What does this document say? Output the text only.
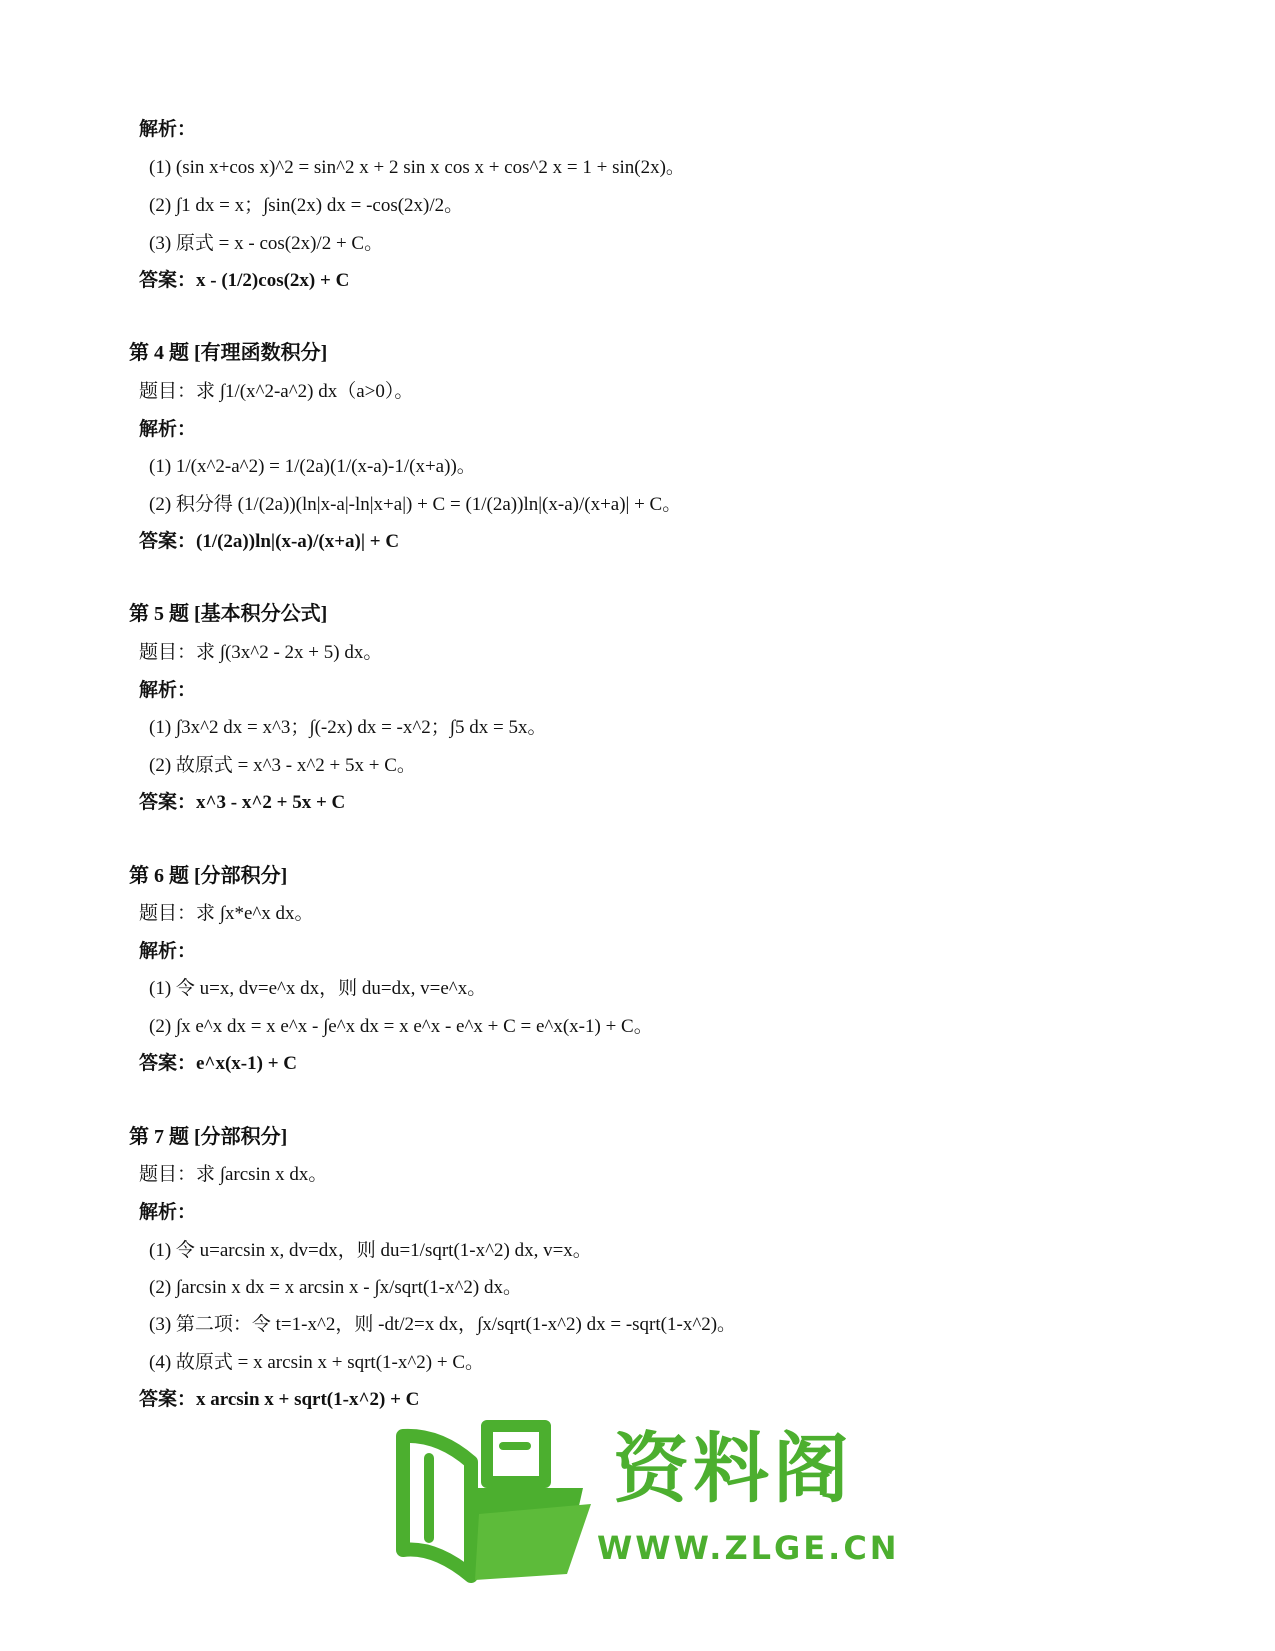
解析：
(1) (sin x+cos x)^2 = sin^2 x + 2 sin x cos x + cos^2 x = 1 + sin(2x)。
(2) ∫1 dx = x；∫sin(2x) dx = -cos(2x)/2。
(3) 原式 = x - cos(2x)/2 + C。
答案：x - (1/2)cos(2x) + C
第 4 题 [有理函数积分]
题目：求 ∫1/(x^2-a^2) dx（a>0）。
解析：
(1) 1/(x^2-a^2) = 1/(2a)(1/(x-a)-1/(x+a))。
(2) 积分得 (1/(2a))(ln|x-a|-ln|x+a|) + C = (1/(2a))ln|(x-a)/(x+a)| + C。
答案：(1/(2a))ln|(x-a)/(x+a)| + C
第 5 题 [基本积分公式]
题目：求 ∫(3x^2 - 2x + 5) dx。
解析：
(1) ∫3x^2 dx = x^3；∫(-2x) dx = -x^2；∫5 dx = 5x。
(2) 故原式 = x^3 - x^2 + 5x + C。
答案：x^3 - x^2 + 5x + C
第 6 题 [分部积分]
题目：求 ∫x*e^x dx。
解析：
(1) 令 u=x, dv=e^x dx，则 du=dx, v=e^x。
(2) ∫x e^x dx = x e^x - ∫e^x dx = x e^x - e^x + C = e^x(x-1) + C。
答案：e^x(x-1) + C
第 7 题 [分部积分]
题目：求 ∫arcsin x dx。
解析：
(1) 令 u=arcsin x, dv=dx，则 du=1/sqrt(1-x^2) dx, v=x。
(2) ∫arcsin x dx = x arcsin x - ∫x/sqrt(1-x^2) dx。
(3) 第二项：令 t=1-x^2，则 -dt/2=x dx，∫x/sqrt(1-x^2) dx = -sqrt(1-x^2)。
(4) 故原式 = x arcsin x + sqrt(1-x^2) + C。
答案：x arcsin x + sqrt(1-x^2) + C
资料阁
WWW.ZLGE.CN
